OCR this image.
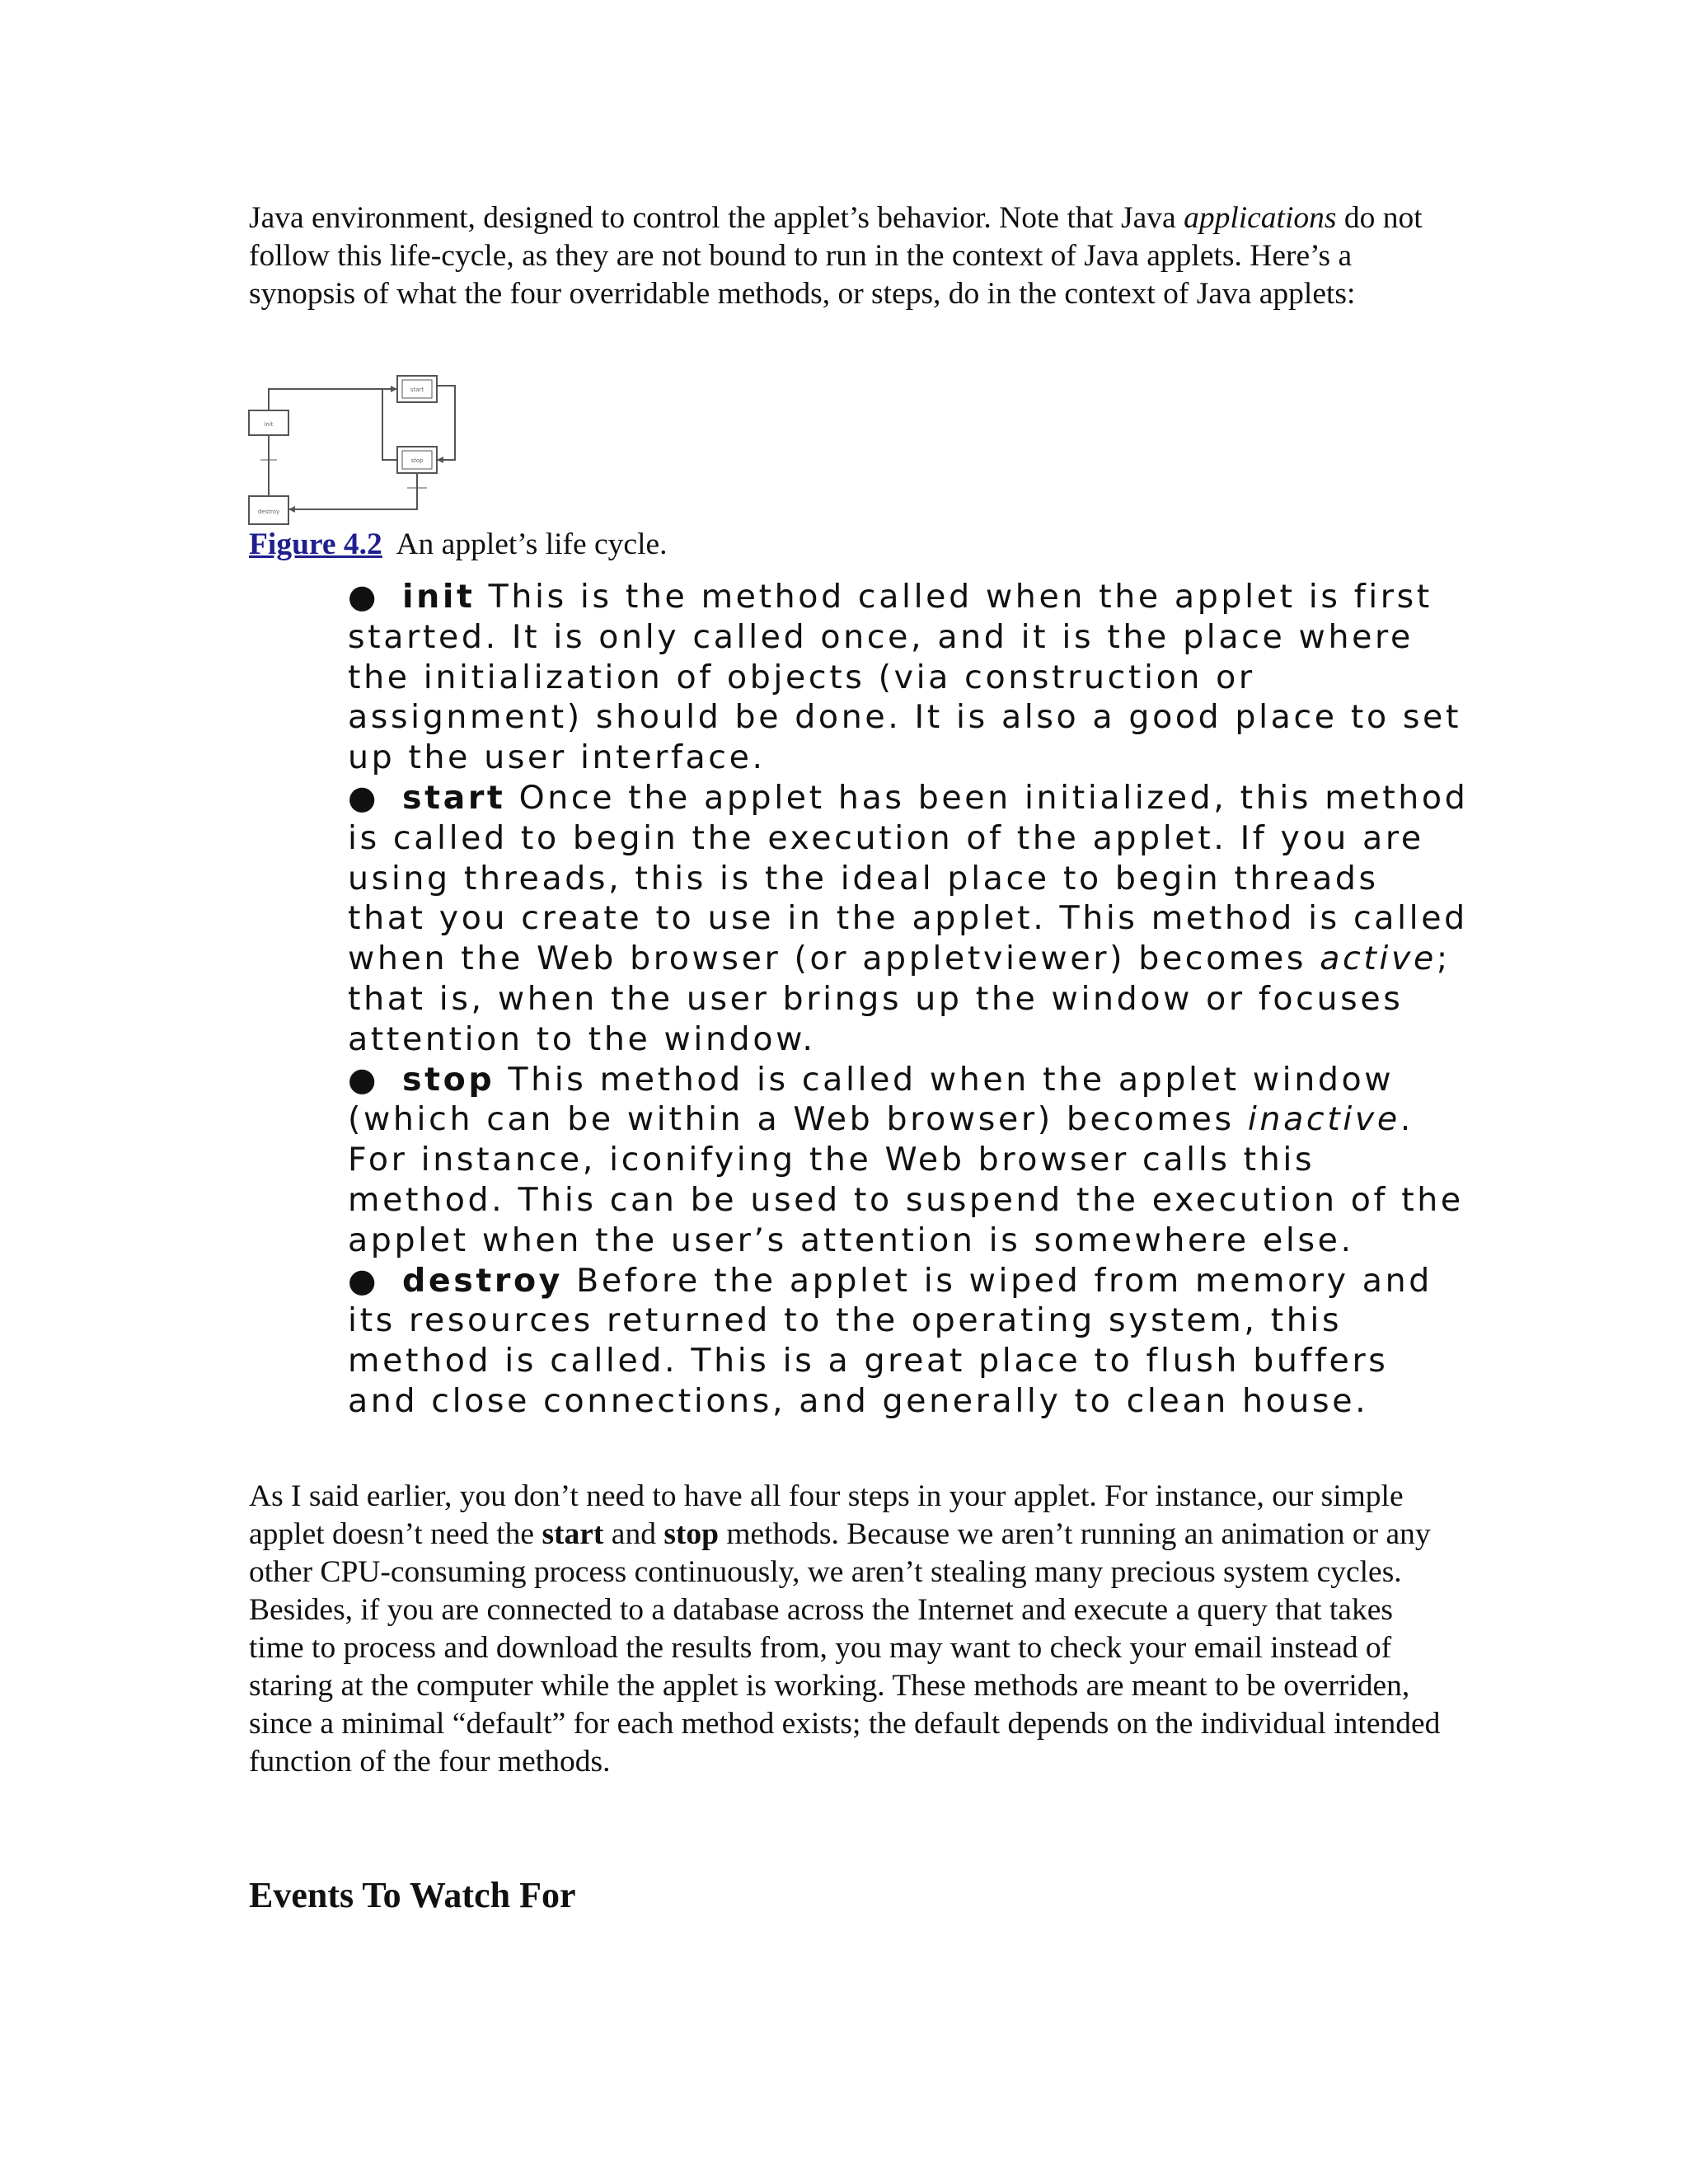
Java environment, designed to control the applet’s behavior. Note that Java applications do not follow this life-cycle, as they are not bound to run in the context of Java applets. Here’s a synopsis of what the four overridable methods, or steps, do in the context of Java applets:

init
start
stop
destroy

Figure 4.2  An applet’s life cycle.

● init This is the method called when the applet is first started. It is only called once, and it is the place where the initialization of objects (via construction or assignment) should be done. It is also a good place to set up the user interface.
● start Once the applet has been initialized, this method is called to begin the execution of the applet. If you are using threads, this is the ideal place to begin threads that you create to use in the applet. This method is called when the Web browser (or appletviewer) becomes active; that is, when the user brings up the window or focuses attention to the window.
● stop This method is called when the applet window (which can be within a Web browser) becomes inactive. For instance, iconifying the Web browser calls this method. This can be used to suspend the execution of the applet when the user’s attention is somewhere else.
● destroy Before the applet is wiped from memory and its resources returned to the operating system, this method is called. This is a great place to flush buffers and close connections, and generally to clean house.

As I said earlier, you don’t need to have all four steps in your applet. For instance, our simple applet doesn’t need the start and stop methods. Because we aren’t running an animation or any other CPU-consuming process continuously, we aren’t stealing many precious system cycles. Besides, if you are connected to a database across the Internet and execute a query that takes time to process and download the results from, you may want to check your email instead of staring at the computer while the applet is working. These methods are meant to be overriden, since a minimal “default” for each method exists; the default depends on the individual intended function of the four methods.

Events To Watch For
